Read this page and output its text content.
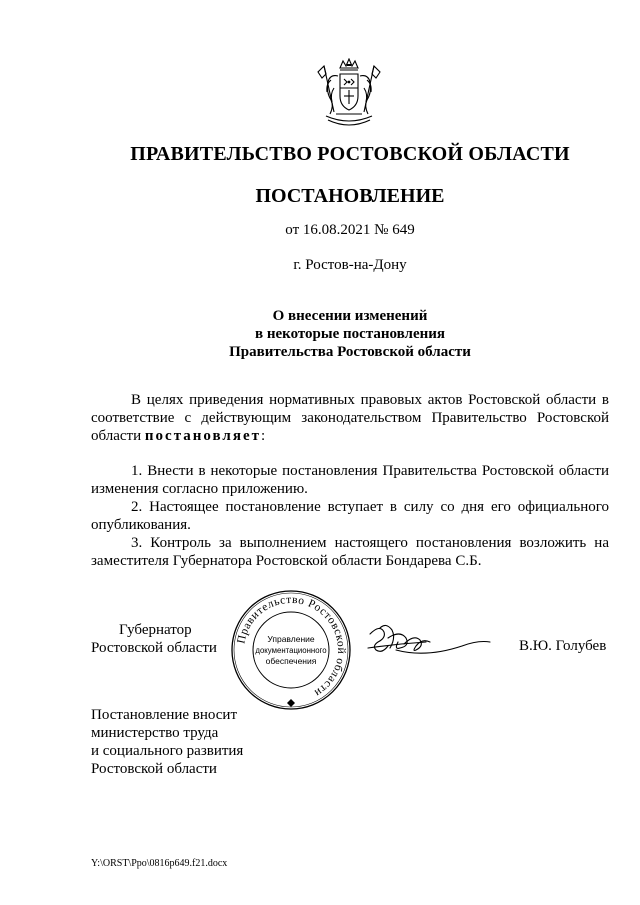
ПРАВИТЕЛЬСТВО РОСТОВСКОЙ ОБЛАСТИ
ПОСТАНОВЛЕНИЕ
от 16.08.2021 № 649
г. Ростов-на-Дону
О внесении изменений
в некоторые постановления
Правительства Ростовской области

В целях приведения нормативных правовых актов Ростовской области в соответствие с действующим законодательством Правительство Ростовской области постановляет:

1. Внести в некоторые постановления Правительства Ростовской области изменения согласно приложению.

2. Настоящее постановление вступает в силу со дня его официального опубликования.

3. Контроль за выполнением настоящего постановления возложить на заместителя Губернатора Ростовской области Бондарева С.Б.

Губернатор
Ростовской области
Правительство Ростовской области
Управление
документационного
обеспечения
В.Ю. Голубев
Постановление вносит
министерство труда
и социального развития
Ростовской области
Y:\ORST\Ppo\0816p649.f21.docx
